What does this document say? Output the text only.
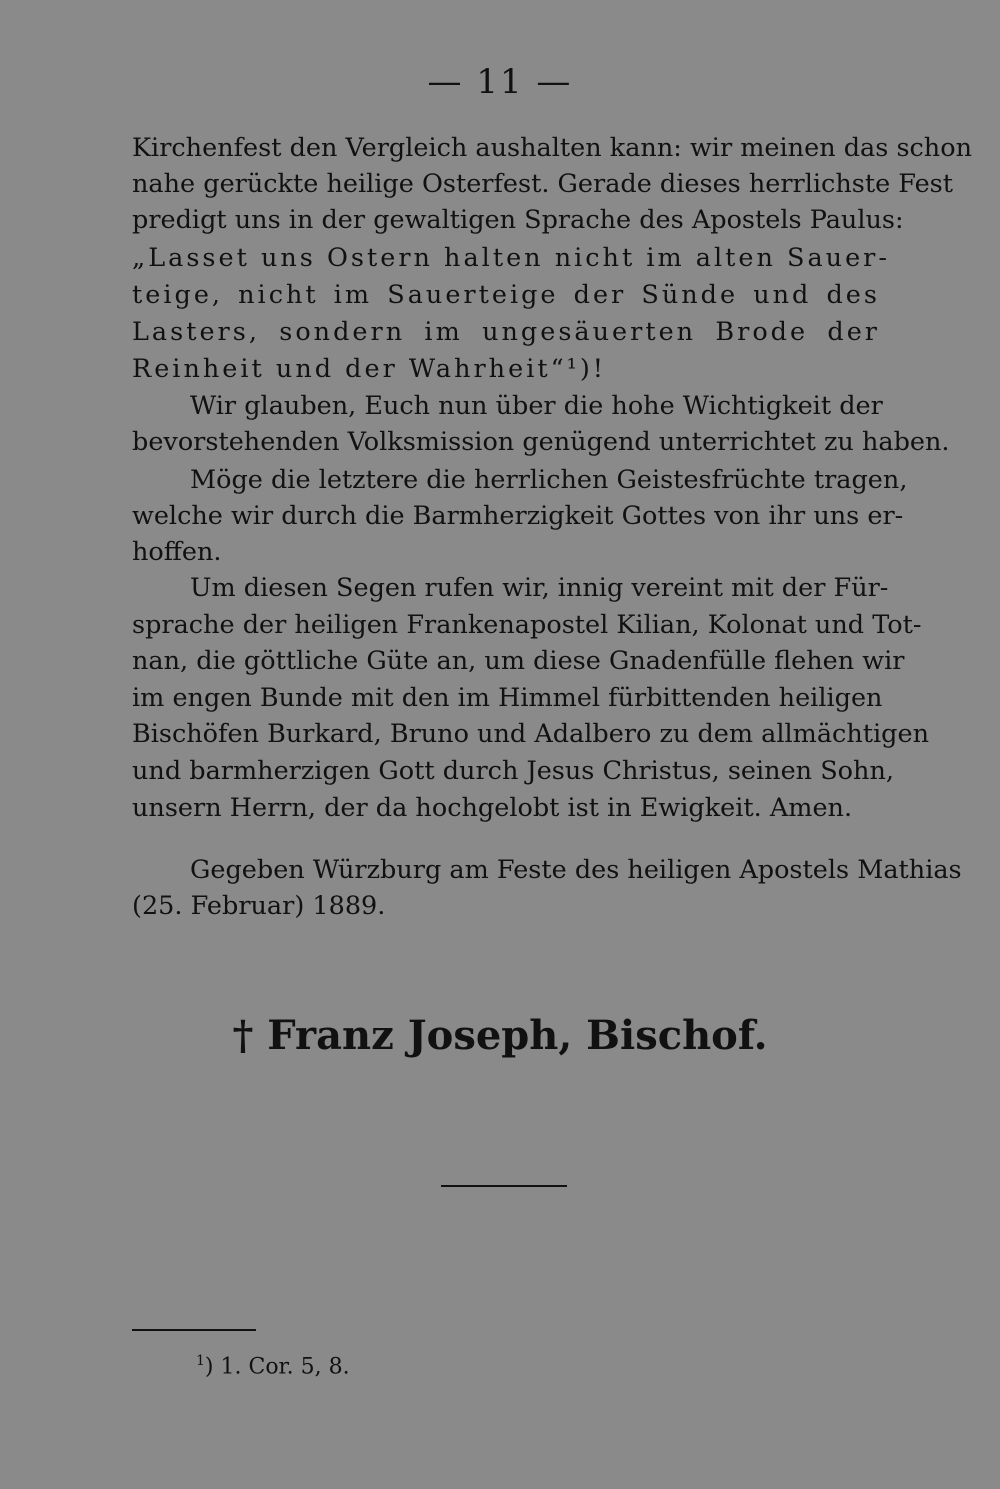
— 11 —
Kirchenfest den Vergleich aushalten kann: wir meinen das schon
nahe gerückte heilige Osterfest. Gerade dieses herrlichste Fest
predigt uns in der gewaltigen Sprache des Apostels Paulus:
„Lasset uns Ostern halten nicht im alten Sauer-
teige, nicht im Sauerteige der Sünde und des
Lasters, sondern im ungesäuerten Brode der
Reinheit und der Wahrheit“¹)!
Wir glauben, Euch nun über die hohe Wichtigkeit der
bevorstehenden Volksmission genügend unterrichtet zu haben.
Möge die letztere die herrlichen Geistesfrüchte tragen,
welche wir durch die Barmherzigkeit Gottes von ihr uns er-
hoffen.
Um diesen Segen rufen wir, innig vereint mit der Für-
sprache der heiligen Frankenapostel Kilian, Kolonat und Tot-
nan, die göttliche Güte an, um diese Gnadenfülle flehen wir
im engen Bunde mit den im Himmel fürbittenden heiligen
Bischöfen Burkard, Bruno und Adalbero zu dem allmächtigen
und barmherzigen Gott durch Jesus Christus, seinen Sohn,
unsern Herrn, der da hochgelobt ist in Ewigkeit. Amen.
Gegeben Würzburg am Feste des heiligen Apostels Mathias
(25. Februar) 1889.
† Franz Joseph, Bischof.
$^1$) 1. Cor. 5, 8.
